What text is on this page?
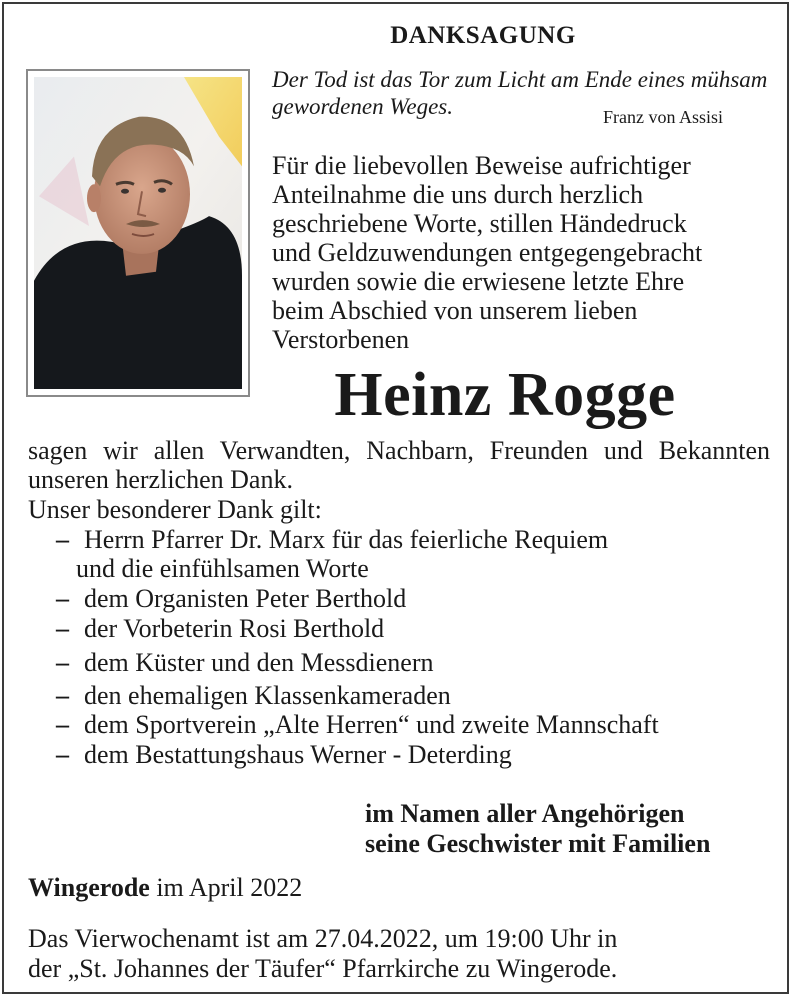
DANKSAGUNG
Der Tod ist das Tor zum Licht am Ende eines mühsam gewordenen Weges.	Franz von Assisi
Für die liebevollen Beweise aufrichtiger
Anteilnahme die uns durch herzlich
geschriebene Worte, stillen Händedruck
und Geldzuwendungen entgegengebracht
wurden sowie die erwiesene letzte Ehre
beim Abschied von unserem lieben
Verstorbenen
Heinz Rogge
sagen wir allen Verwandten, Nachbarn, Freunden und Bekannten unseren herzlichen Dank.
Unser besonderer Dank gilt:
– Herrn Pfarrer Dr. Marx für das feierliche Requiem
und die einfühlsamen Worte
– dem Organisten Peter Berthold
– der Vorbeterin Rosi Berthold
– dem Küster und den Messdienern
– den ehemaligen Klassenkameraden
– dem Sportverein „Alte Herren“ und zweite Mannschaft
– dem Bestattungshaus Werner - Deterding
im Namen aller Angehörigen
seine Geschwister mit Familien
Wingerode im April 2022
Das Vierwochenamt ist am 27.04.2022, um 19:00 Uhr in
der „St. Johannes der Täufer“ Pfarrkirche zu Wingerode.
